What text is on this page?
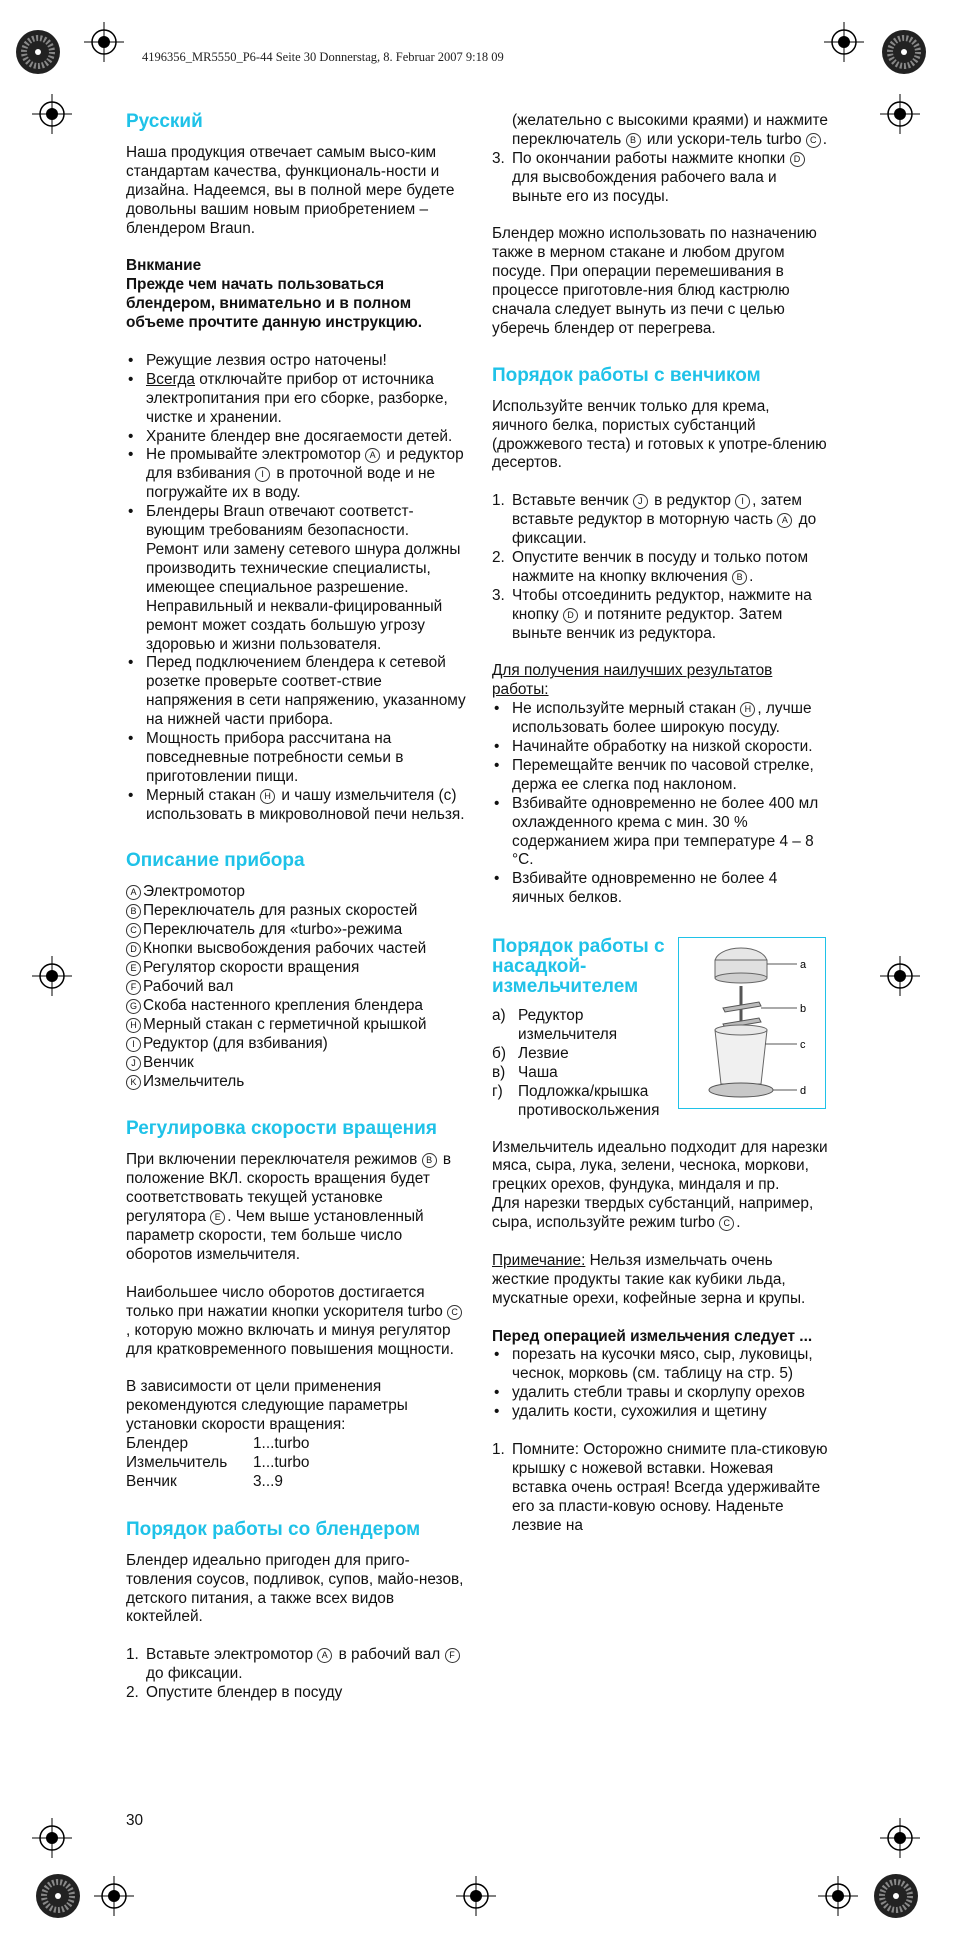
4196356_MR5550_P6-44 Seite 30 Donnerstag, 8. Februar 2007 9:18 09
Русский

Наша продукция отвечает самым высо-ким стандартам качества, функциональ-ности и дизайна. Надеемся, вы в полной мере будете довольны вашим новым приобретением – блендером Braun.

Внкмание

Прежде чем начать пользоваться блендером, внимательно и в полном объеме прочтите данную инструкцию.

• Режущие лезвия остро наточены!
• Всегда отключайте прибор от источника электропитания при его сборке, разборке, чистке и хранении.
• Храните блендер вне досягаемости детей.
• Не промывайте электромотор A и редуктор для взбивания I в проточной воде и не погружайте их в воду.
• Блендеры Braun отвечают соответст-вующим требованиям безопасности. Ремонт или замену сетевого шнура должны производить технические специалисты, имеющее специальное разрешение. Неправильный и неквали-фицированный ремонт может создать большую угрозу здоровью и жизни пользователя.
• Перед подключением блендера к сетевой розетке проверьте соответ-ствие напряжения в сети напряжению, указанному на нижней части прибора.
• Мощность прибора рассчитана на повседневные потребности семьи в приготовлении пищи.
• Мерный стакан H и чашу измельчителя (c) использовать в микроволновой печи нельзя.
Описание прибора
A Электромотор
B Переключатель для разных скоростей
C Переключатель для «turbo»-режима
D Кнопки высвобождения рабочих частей
E Регулятор скорости вращения
F Рабочий вал
G Скоба настенного крепления блендера
H Мерный стакан с герметичной крышкой
I Редуктор (для взбивания)
J Венчик
K Измельчитель
Регулировка скорости вращения

При включении переключателя режимов B в положение ВКЛ. скорость вращения будет соответствовать текущей установке регулятора E . Чем выше установленный параметр скорости, тем больше число оборотов измельчителя.

Наибольшее число оборотов достигается только при нажатии кнопки ускорителя turbo C, которую можно включать и минуя регулятор для кратковременного повышения мощности.

В зависимости от цели применения рекомендуются следующие параметры установки скорости вращения:
Блендер	1...turbo
Измельчитель	1...turbo
Венчик	3...9
Порядок работы со блендером

Блендер идеально пригоден для приго-товления соусов, подливок, супов, майо-незов, детского питания, а также всех видов коктейлей.

1. Вставьте электромотор A в рабочий вал F до фиксации.
2. Опустите блендер в посуду
(желательно с высокими краями) и нажмите переключатель B или ускори-тель turbo C .
3. По окончании работы нажмите кнопки D для высвобождения рабочего вала и выньте его из посуды.

Блендер можно использовать по назначению также в мерном стакане и любом другом посуде. При операции перемешивания в процессе приготовле-ния блюд кастрюлю сначала следует вынуть из печи с целью уберечь блендер от перегрева.

Порядок работы с венчиком

Используйте венчик только для крема, яичного белка, пористых субстанций (дрожжевого теста) и готовых к употре-блению десертов.

1. Вставьте венчик J в редуктор I , затем вставьте редуктор в моторную часть A до фиксации.
2. Опустите венчик в посуду и только потом нажмите на кнопку включения B .
3. Чтобы отсоединить редуктор, нажмите на кнопку D и потяните редуктор. Затем выньте венчик из редуктора.
Для получения наилучших результатов работы:
• Не используйте мерный стакан H , лучше использовать более широкую посуду.
• Начинайте обработку на низкой скорости.
• Перемещайте венчик по часовой стрелке, держа ее слегка под наклоном.
• Взбивайте одновременно не более 400 мл охлажденного крема с мин. 30 % содержанием жира при температуре 4 – 8 °C.
• Взбивайте одновременно не более 4 яичных белков.
Порядок работы с насадкой-измельчителем
а) Редуктор измельчителя
б) Лезвие
в) Чаша
г) Подложка/крышка противоскольжения
a
b
c
d
Измельчитель идеально подходит для нарезки мяса, сыра, лука, зелени, чеснока, моркови, грецких орехов, фундука, миндаля и пр.

Для нарезки твердых субстанций, например, сыра, используйте режим turbo C .

Примечание: Нельзя измельчать очень жесткие продукты такие как кубики льда, мускатные орехи, кофейные зерна и крупы.

Перед операцией измельчения следует ...
• порезать на кусочки мясо, сыр, луковицы, чеснок, морковь (см. таблицу на стр. 5)
• удалить стебли травы и скорлупу орехов
• удалить кости, сухожилия и щетину
1. Помните: Осторожно снимите пла-стиковую крышку с ножевой вставки. Ножевая вставка очень острая! Всегда удерживайте его за пласти-ковую основу. Наденьте лезвие на
30
